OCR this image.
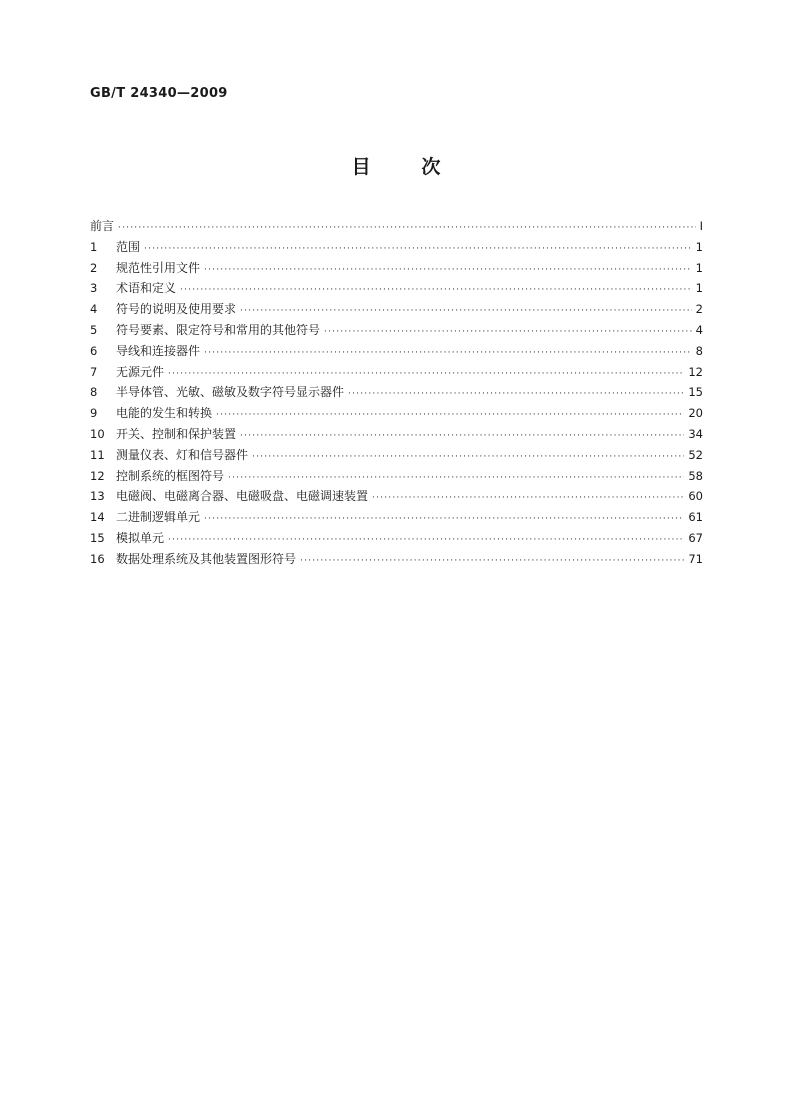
GB/T 24340—2009
目	次
前言 ·····	Ⅰ
1	范围 ·····	1
2	规范性引用文件 ·····	1
3	术语和定义 ·····	1
4	符号的说明及使用要求 ·····	2
5	符号要素、限定符号和常用的其他符号 ·····	4
6	导线和连接器件 ·····	8
7	无源元件 ·····	12
8	半导体管、光敏、磁敏及数字符号显示器件 ·····	15
9	电能的发生和转换 ·····	20
10 开关、控制和保护装置 ·····	34
11 测量仪表、灯和信号器件 ·····	52
12 控制系统的框图符号 ·····	58
13 电磁阀、电磁离合器、电磁吸盘、电磁调速装置 ·····	60
14 二进制逻辑单元 ·····	61
15 模拟单元 ·····	67
16 数据处理系统及其他装置图形符号 ·····	71
